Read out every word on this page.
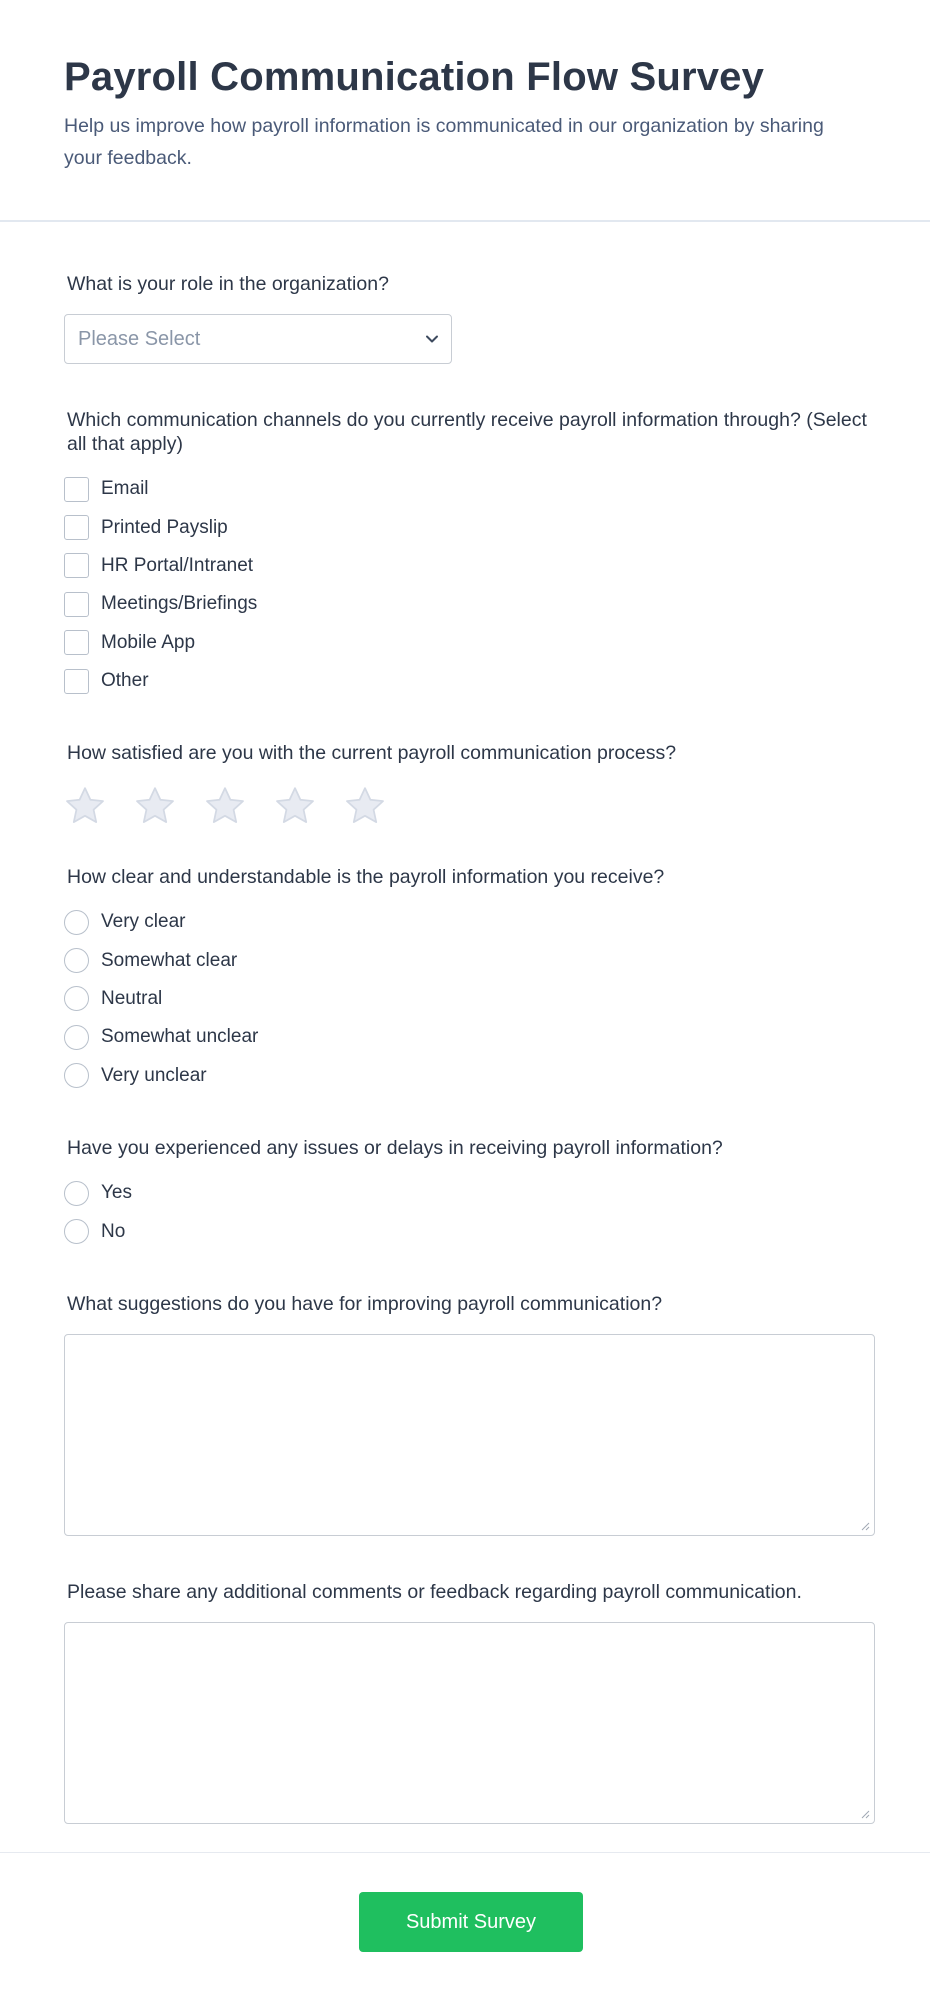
Payroll Communication Flow Survey

Help us improve how payroll information is communicated in our organization by sharing your feedback.

What is your role in the organization?
Please Select
Which communication channels do you currently receive payroll information through? (Select all that apply)
Email
Printed Payslip
HR Portal/Intranet
Meetings/Briefings
Mobile App
Other
How satisfied are you with the current payroll communication process?
How clear and understandable is the payroll information you receive?
Very clear
Somewhat clear
Neutral
Somewhat unclear
Very unclear
Have you experienced any issues or delays in receiving payroll information?
Yes
No
What suggestions do you have for improving payroll communication?
Please share any additional comments or feedback regarding payroll communication.
Submit Survey
